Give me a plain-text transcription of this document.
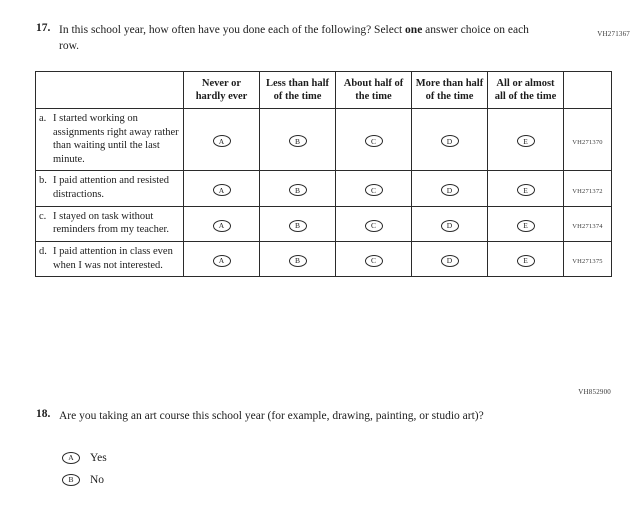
VH271367
17. In this school year, how often have you done each of the following? Select one answer choice on each row.
	Never or hardly ever	Less than half of the time	About half of the time	More than half of the time	All or almost all of the time	

a. I started working on assignments right away rather than waiting until the last minute.	A	B	C	D	E	VH271370

b. I paid attention and resisted distractions.	A	B	C	D	E	VH271372

c. I stayed on task without reminders from my teacher.	A	B	C	D	E	VH271374

d. I paid attention in class even when I was not interested.	A	B	C	D	E	VH271375
VH852900
18. Are you taking an art course this school year (for example, drawing, painting, or studio art)?
A Yes
B No
